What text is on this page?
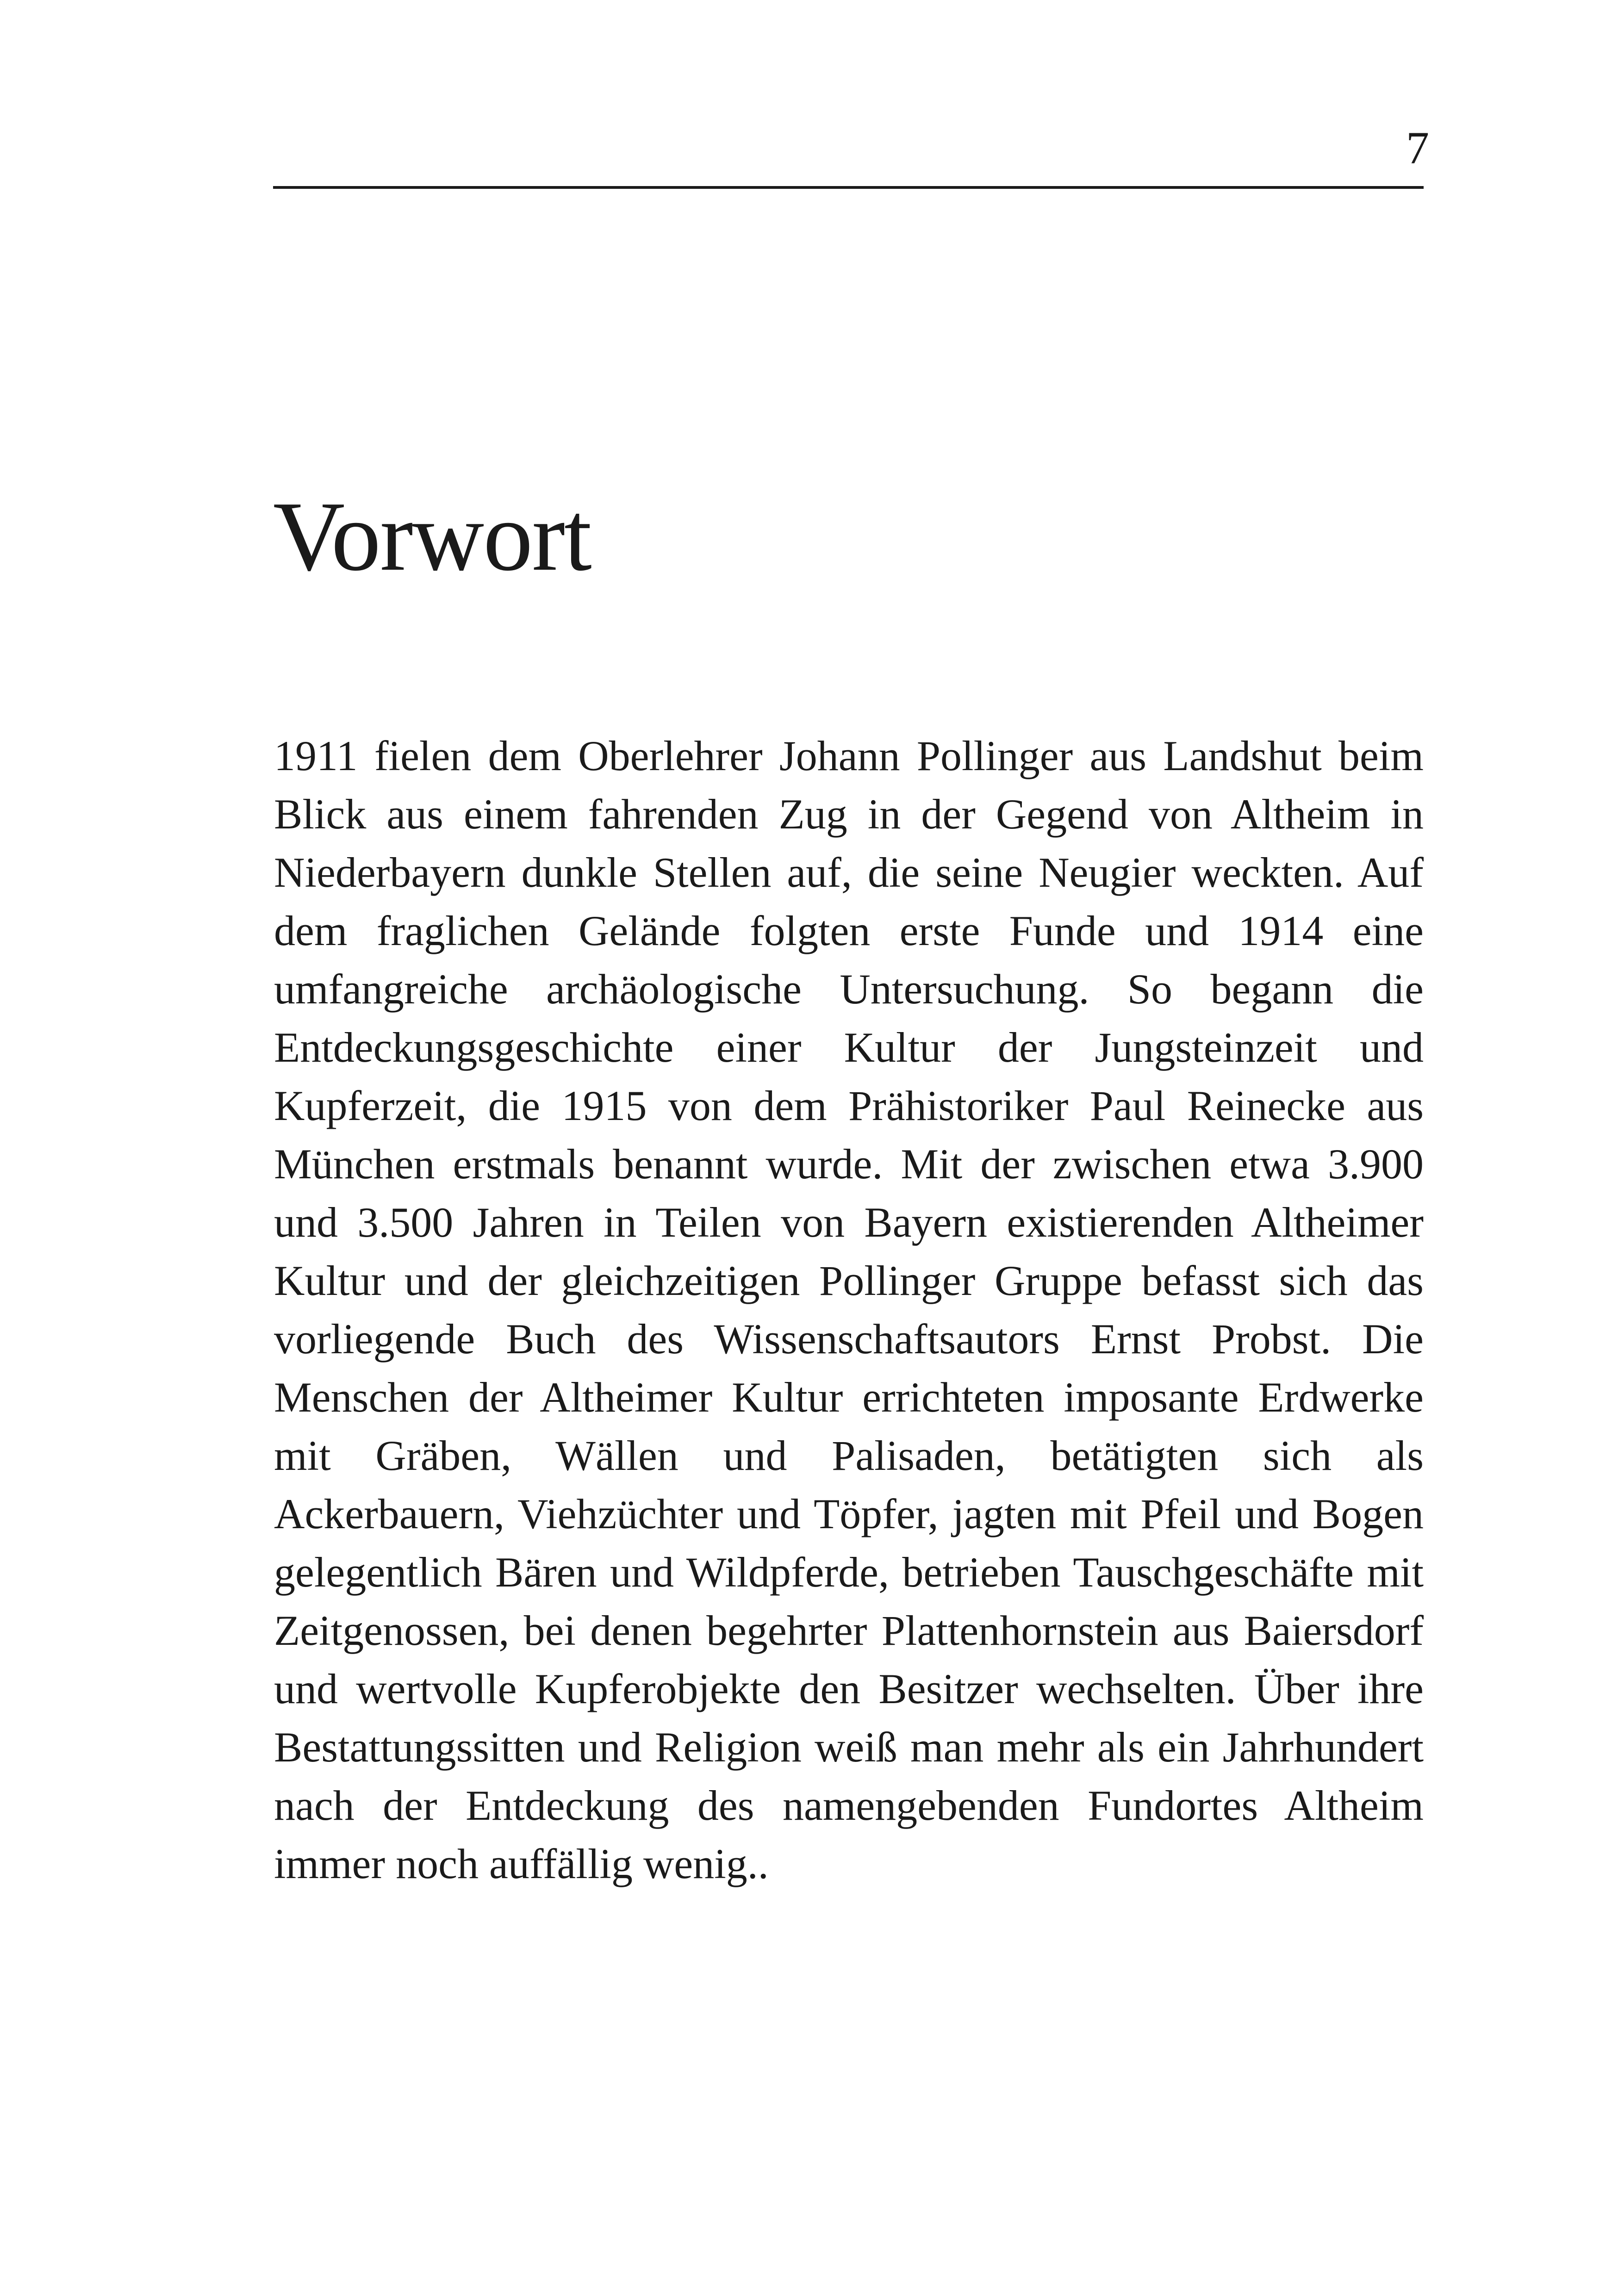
7
Vorwort

1911 fielen dem Oberlehrer Johann Pollinger aus Landshut beim Blick aus einem fahrenden Zug in der Gegend von Altheim in Niederbayern dunkle Stellen auf, die seine Neugier weckten. Auf dem fraglichen Gelände folgten erste Funde und 1914 eine umfangreiche archäologische Untersuchung. So begann die Entdeckungsgeschichte einer Kultur der Jungsteinzeit und Kupferzeit, die 1915 von dem Prähistoriker Paul Reinecke aus München erstmals benannt wurde. Mit der zwischen etwa 3.900 und 3.500 Jahren in Teilen von Bayern existierenden Altheimer Kultur und der gleichzeitigen Pollinger Gruppe befasst sich das vorliegende Buch des Wissenschaftsautors Ernst Probst. Die Menschen der Altheimer Kultur errichteten imposante Erdwerke mit Gräben, Wällen und Palisaden, betätigten sich als Ackerbauern, Viehzüchter und Töpfer, jagten mit Pfeil und Bogen gelegentlich Bären und Wildpferde, betrieben Tauschgeschäfte mit Zeitgenossen, bei denen begehrter Plattenhornstein aus Baiersdorf und wertvolle Kupferobjekte den Besitzer wechselten. Über ihre Bestattungssitten und Religion weiß man mehr als ein Jahrhundert nach der Entdeckung des namengebenden Fundortes Altheim immer noch auffällig wenig..
